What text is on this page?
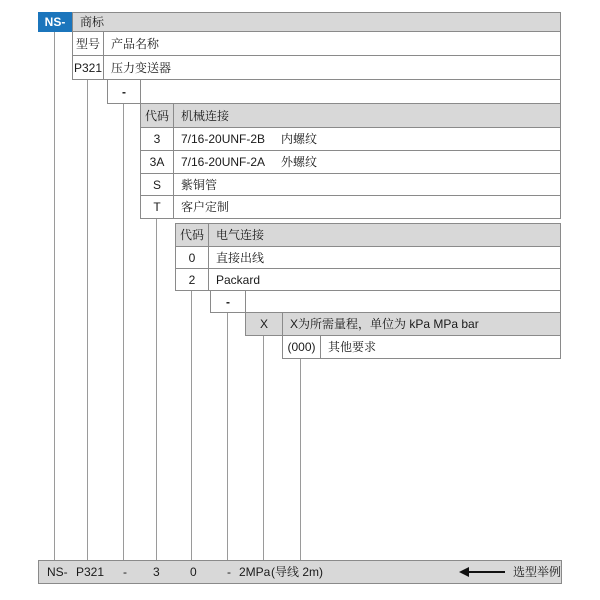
NS-	商标
型号 产品名称
P321 压力变送器
-
代码	机械连接
3	7/16-20UNF-2B 内螺纹
3A	7/16-20UNF-2A 外螺纹
S	紫铜管
T	客户定制
代码	电气连接
0	直接出线
2	Packard
-
X	X为所需量程，单位为 kPa MPa bar
(000)	其他要求
NS- P321 - 3	0	- 2MPa (导线 2m)	选型举例
